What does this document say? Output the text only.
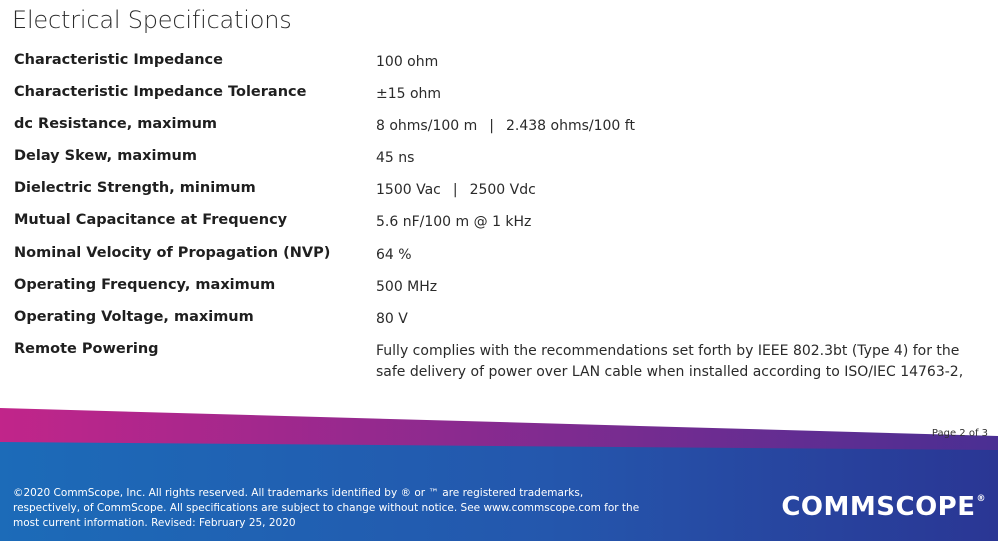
Electrical Specifications
Characteristic Impedance	100 ohm
Characteristic Impedance Tolerance	±15 ohm
dc Resistance, maximum	8 ohms/100 m | 2.438 ohms/100 ft
Delay Skew, maximum	45 ns
Dielectric Strength, minimum	1500 Vac | 2500 Vdc
Mutual Capacitance at Frequency	5.6 nF/100 m @ 1 kHz
Nominal Velocity of Propagation (NVP)	64 %
Operating Frequency, maximum	500 MHz
Operating Voltage, maximum	80 V
Remote Powering	Fully complies with the recommendations set forth by IEEE 802.3bt (Type 4) for the
safe delivery of power over LAN cable when installed according to ISO/IEC 14763-2,
Page 2 of 3
©2020 CommScope, Inc. All rights reserved. All trademarks identified by ® or ™ are registered trademarks,
respectively, of CommScope. All specifications are subject to change without notice. See www.commscope.com for the
most current information. Revised: February 25, 2020
COMMSCOPE®
